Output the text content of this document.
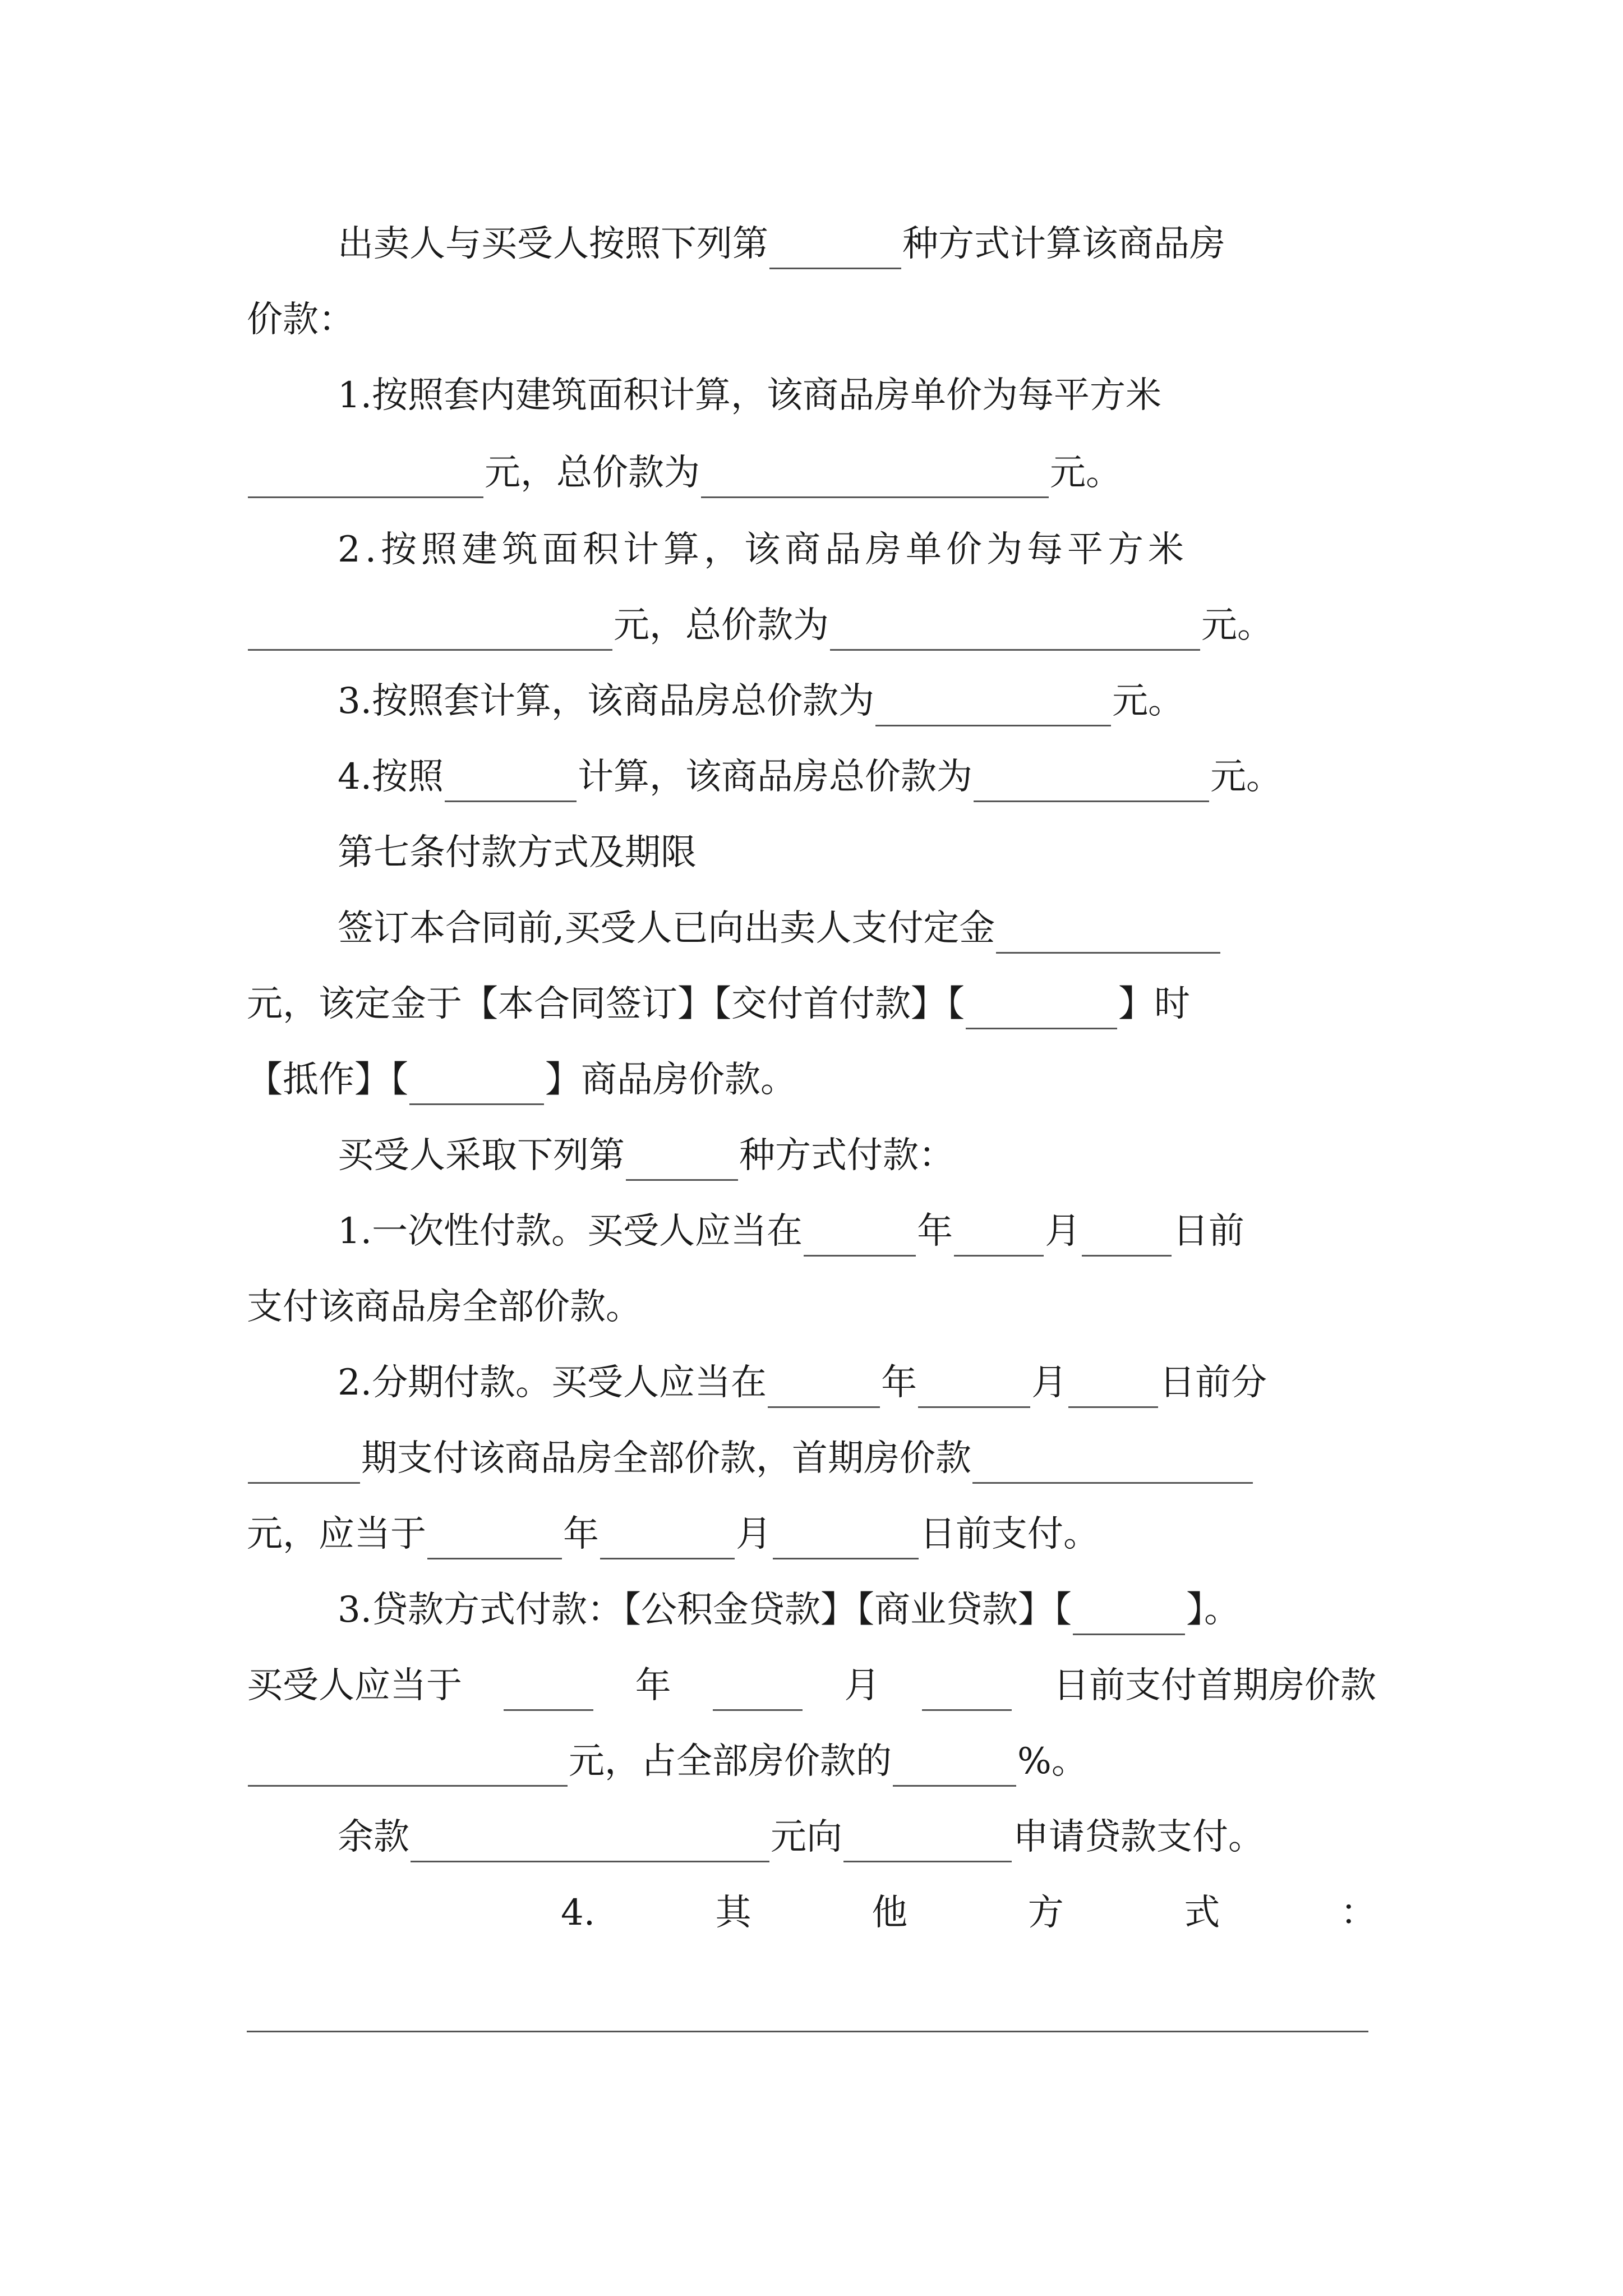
出卖人与买受人按照下列第	种方式计算该商品房
价款：
1.按照套内建筑面积计算，该商品房单价为每平方米
元，总价款为	元。
2.按照建筑面积计算，该商品房单价为每平方米
元，总价款为	元。
3.按照套计算，该商品房总价款为	元。
4.按照	计算，该商品房总价款为	元。
第七条付款方式及期限
签订本合同前,买受人已向出卖人支付定金
元，该定金于【本合同签订】【交付首付款】【	】时
【抵作】【	】商品房价款。
买受人采取下列第	种方式付款：
1.一次性付款。买受人应当在	年	月	日前
支付该商品房全部价款。
2.分期付款。买受人应当在	年	月	日前分
期支付该商品房全部价款，首期房价款
元，应当于	年	月	日前支付。
3.贷款方式付款：【公积金贷款】【商业贷款】【	】。
买受人应当于	年	月	日前支付首期房价款
元，占全部房价款的	%。
余款	元向	申请贷款支付。
4.	其	他	方	式	：
